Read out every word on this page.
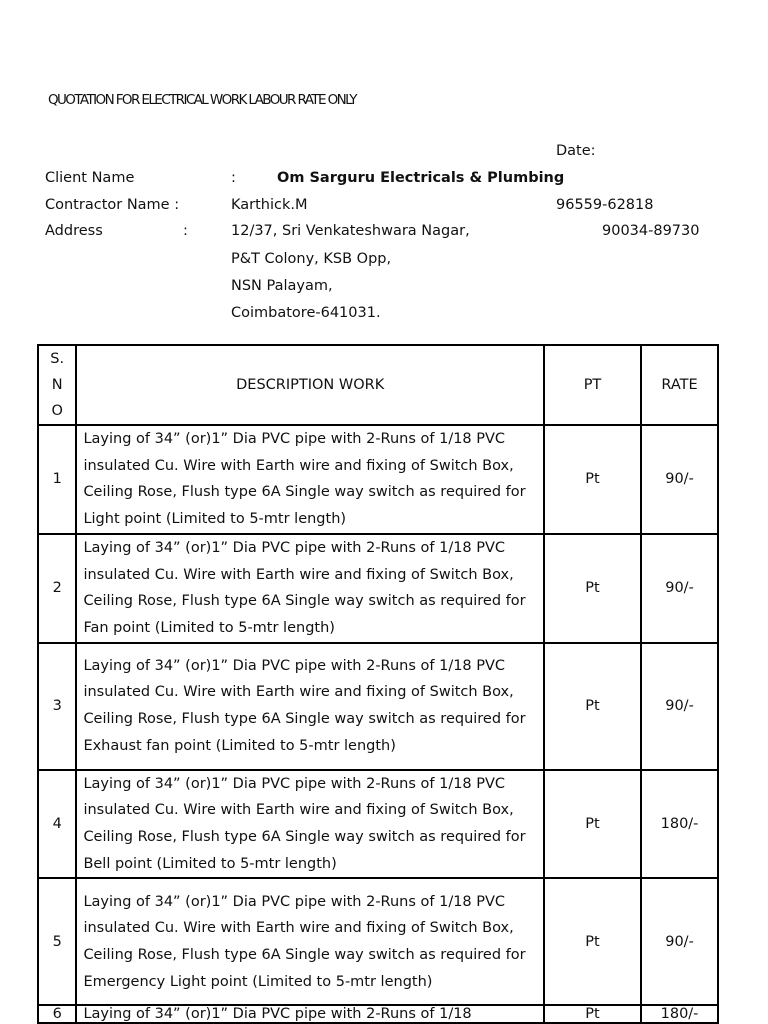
QUOTATION FOR ELECTRICAL WORK LABOUR RATE ONLY
Date:
Client Name	:	Om Sarguru Electricals & Plumbing
Contractor Name :	Karthick.M	96559-62818
Address	:	12/37, Sri Venkateshwara Nagar,	90034-89730
P&T Colony, KSB Opp,
NSN Palayam,
Coimbatore-641031.
S.
N
O	DESCRIPTION WORK	PT	RATE
1	Laying of 34” (or)1” Dia PVC pipe with 2-Runs of 1/18 PVC insulated Cu. Wire with Earth wire and fixing of Switch Box, Ceiling Rose, Flush type 6A Single way switch as required for Light point (Limited to 5-mtr length)	Pt	90/-
2	Laying of 34” (or)1” Dia PVC pipe with 2-Runs of 1/18 PVC insulated Cu. Wire with Earth wire and fixing of Switch Box, Ceiling Rose, Flush type 6A Single way switch as required for Fan point (Limited to 5-mtr length)	Pt	90/-
3	Laying of 34” (or)1” Dia PVC pipe with 2-Runs of 1/18 PVC insulated Cu. Wire with Earth wire and fixing of Switch Box, Ceiling Rose, Flush type 6A Single way switch as required for Exhaust fan point (Limited to 5-mtr length)	Pt	90/-
4	Laying of 34” (or)1” Dia PVC pipe with 2-Runs of 1/18 PVC insulated Cu. Wire with Earth wire and fixing of Switch Box, Ceiling Rose, Flush type 6A Single way switch as required for Bell point (Limited to 5-mtr length)	Pt	180/-
5	Laying of 34” (or)1” Dia PVC pipe with 2-Runs of 1/18 PVC insulated Cu. Wire with Earth wire and fixing of Switch Box, Ceiling Rose, Flush type 6A Single way switch as required for Emergency Light point (Limited to 5-mtr length)	Pt	90/-
6	Laying of 34” (or)1” Dia PVC pipe with 2-Runs of 1/18	Pt	180/-
